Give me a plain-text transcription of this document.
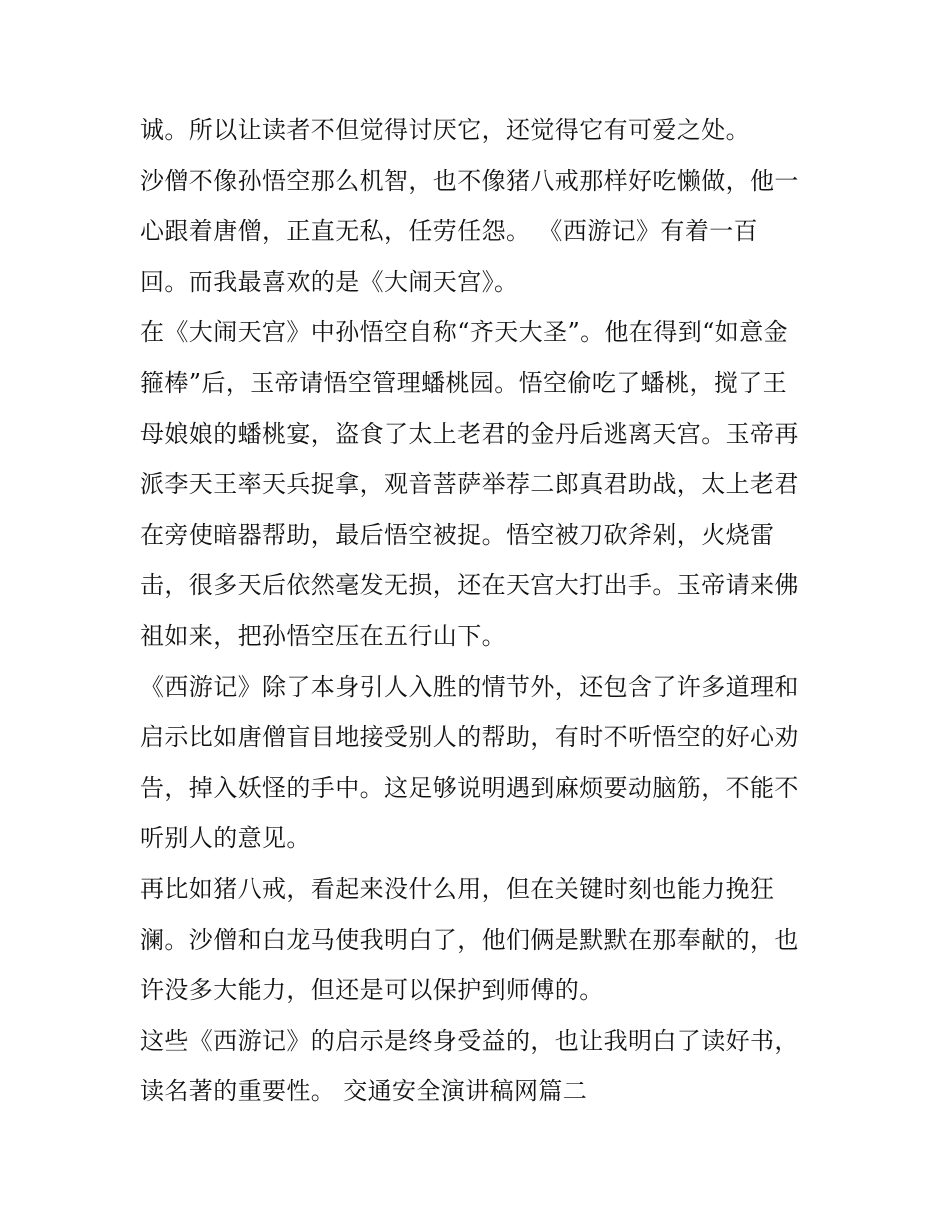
诚。所以让读者不但觉得讨厌它，还觉得它有可爱之处。
沙僧不像孙悟空那么机智，也不像猪八戒那样好吃懒做，他一
心跟着唐僧，正直无私，任劳任怨。 《西游记》有着一百
回。而我最喜欢的是《大闹天宫》。
在《大闹天宫》中孙悟空自称“齐天大圣”。他在得到“如意金
箍棒”后，玉帝请悟空管理蟠桃园。悟空偷吃了蟠桃，搅了王
母娘娘的蟠桃宴，盗食了太上老君的金丹后逃离天宫。玉帝再
派李天王率天兵捉拿，观音菩萨举荐二郎真君助战，太上老君
在旁使暗器帮助，最后悟空被捉。悟空被刀砍斧剁，火烧雷
击，很多天后依然毫发无损，还在天宫大打出手。玉帝请来佛
祖如来，把孙悟空压在五行山下。
《西游记》除了本身引人入胜的情节外，还包含了许多道理和
启示比如唐僧盲目地接受别人的帮助，有时不听悟空的好心劝
告，掉入妖怪的手中。这足够说明遇到麻烦要动脑筋，不能不
听别人的意见。
再比如猪八戒，看起来没什么用，但在关键时刻也能力挽狂
澜。沙僧和白龙马使我明白了，他们俩是默默在那奉献的，也
许没多大能力，但还是可以保护到师傅的。
这些《西游记》的启示是终身受益的，也让我明白了读好书，
读名著的重要性。 交通安全演讲稿网篇二
